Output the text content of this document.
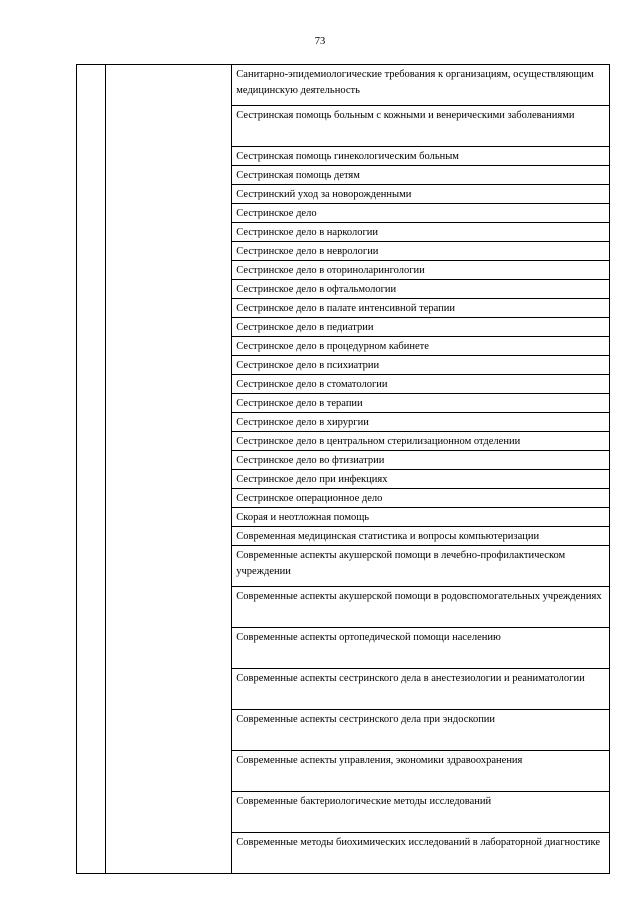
73

Санитарно-эпидемиологические требования к организациям, осуществляющим медицинскую деятельность

Сестринская помощь больным с кожными и венерическими заболеваниями

Сестринская помощь гинекологическим больным

Сестринская помощь детям

Сестринский уход за новорожденными

Сестринское дело

Сестринское дело в наркологии

Сестринское дело в неврологии

Сестринское дело в оториноларингологии

Сестринское дело в офтальмологии

Сестринское дело в палате интенсивной терапии

Сестринское дело в педиатрии

Сестринское дело в процедурном кабинете

Сестринское дело в психиатрии

Сестринское дело в стоматологии

Сестринское дело в терапии

Сестринское дело в хирургии

Сестринское дело в центральном стерилизационном отделении

Сестринское дело во фтизиатрии

Сестринское дело при инфекциях

Сестринское операционное дело

Скорая и неотложная помощь

Современная медицинская статистика и вопросы компьютеризации

Современные аспекты акушерской помощи в лечебно-профилактическом учреждении

Современные аспекты акушерской помощи в родовспомогательных учреждениях

Современные аспекты ортопедической помощи населению

Современные аспекты сестринского дела в анестезиологии и реаниматологии

Современные аспекты сестринского дела при эндоскопии

Современные аспекты управления, экономики здравоохранения

Современные бактериологические методы исследований

Современные методы биохимических исследований в лабораторной диагностике
